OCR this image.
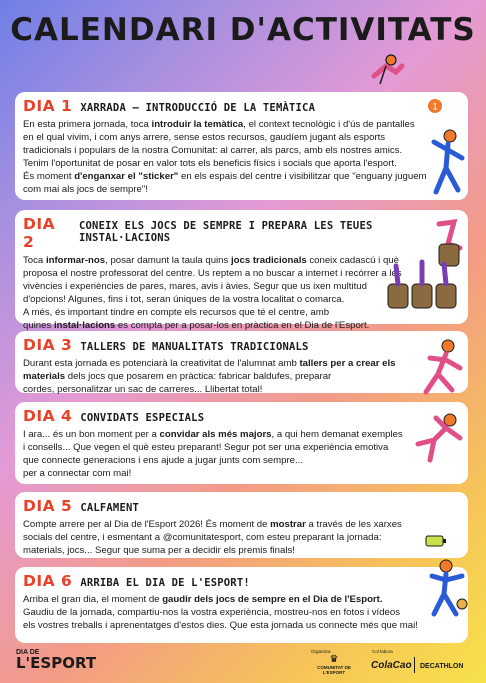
CALENDARI D'ACTIVITATS
DIA 1 XARRADA – INTRODUCCIÓ DE LA TEMÀTICA
En esta primera jornada, toca introduir la temàtica, el context tecnològic i d'ús de pantalles
en el qual vivim, i com anys arrere, sense estos recursos, gaudíem jugant als esports
tradicionals i populars de la nostra Comunitat: al carrer, als parcs, amb els nostres amics.
Tenim l'oportunitat de posar en valor tots els beneficis físics i socials que aporta l'esport.
És moment d'enganxar el "sticker" en els espais del centre i visibilitzar que "enguany juguem
com mai als jocs de sempre"!
DIA 2
CONEIX ELS JOCS DE SEMPRE I PREPARA LES TEUES INSTAL·LACIONS
Toca informar-nos, posar damunt la taula quins jocs tradicionals coneix cadascú i què
proposa el nostre professorat del centre. Us reptem a no buscar a internet i recórrer a les
vivències i experiències de pares, mares, avis i àvies. Segur que us ixen multitud
d'opcions! Algunes, fins i tot, seran úniques de la vostra localitat o comarca.
A més, és important tindre en compte els recursos que té el centre, amb
quines instal·lacions es compta per a posar-los en pràctica en el Dia de l'Esport.
DIA 3 TALLERS DE MANUALITATS TRADICIONALS
Durant esta jornada es potenciarà la creativitat de l'alumnat amb tallers per a crear els
materials dels jocs que posarem en pràctica: fabricar baldufes, preparar
cordes, personalitzar un sac de carreres... Llibertat total!
DIA 4 CONVIDATS ESPECIALS
I ara... és un bon moment per a convidar als més majors, a qui hem demanat exemples
i consells... Que vegen el què esteu preparant! Segur pot ser una experiència emotiva
que connecte generacions i ens ajude a jugar junts com sempre...
per a connectar com mai!
DIA 5 CALFAMENT
Compte arrere per al Dia de l'Esport 2026! És moment de mostrar a través de les xarxes
socials del centre, i esmentant a @comunitatesport, com esteu preparant la jornada:
materials, jocs... Segur que suma per a decidir els premis finals!
DIA 6 ARRIBA EL DIA DE L'ESPORT!
Arriba el gran dia, el moment de gaudir dels jocs de sempre en el Dia de l'Esport.
Gaudiu de la jornada, compartiu-nos la vostra experiència, mostreu-nos en fotos i vídeos
els vostres treballs i aprenentatges d'estos dies. Que esta jornada us connecte més que mai!
1
DIA DE
L'ESPORT
Organitza
♛
COMUNITAT DE L'ESPORT
Col·labora
ColaCao DECATHLON
